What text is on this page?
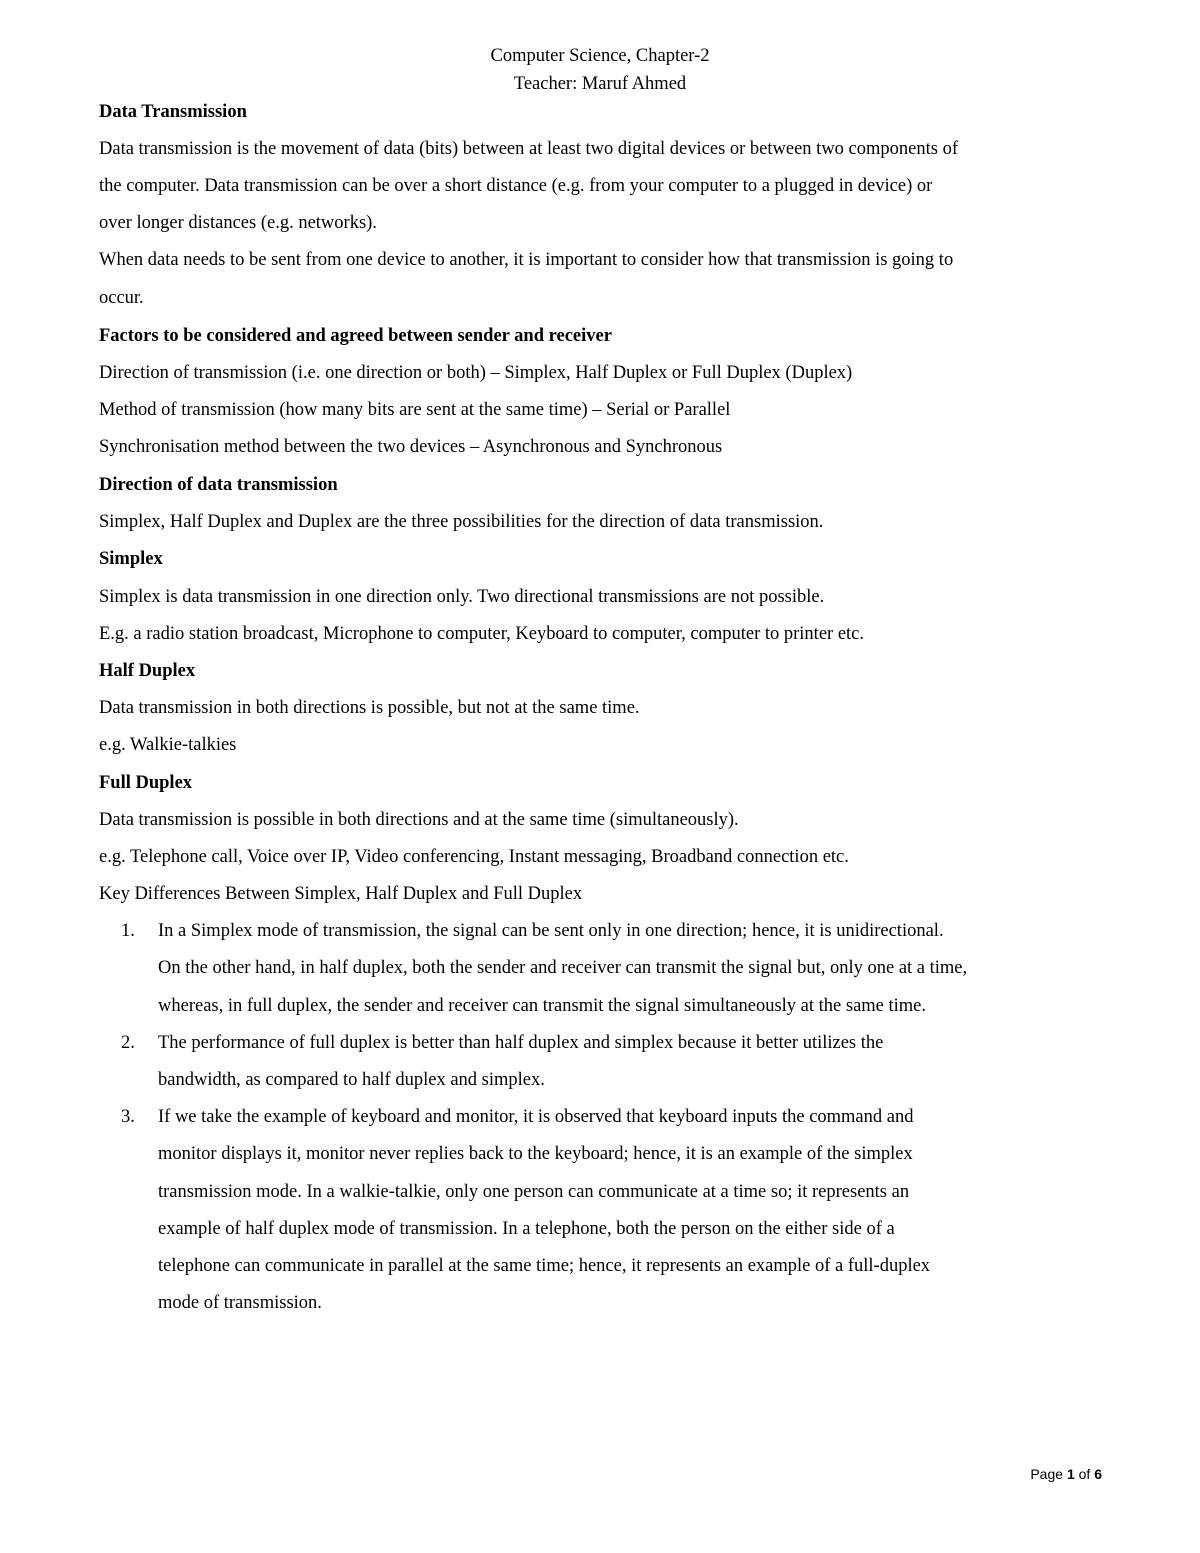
Computer Science, Chapter-2
Teacher: Maruf Ahmed
Data Transmission
Data transmission is the movement of data (bits) between at least two digital devices or between two components of
the computer. Data transmission can be over a short distance (e.g. from your computer to a plugged in device) or
over longer distances (e.g. networks).
When data needs to be sent from one device to another, it is important to consider how that transmission is going to
occur.
Factors to be considered and agreed between sender and receiver
Direction of transmission (i.e. one direction or both) – Simplex, Half Duplex or Full Duplex (Duplex)
Method of transmission (how many bits are sent at the same time) – Serial or Parallel
Synchronisation method between the two devices – Asynchronous and Synchronous
Direction of data transmission
Simplex, Half Duplex and Duplex are the three possibilities for the direction of data transmission.
Simplex
Simplex is data transmission in one direction only. Two directional transmissions are not possible.
E.g. a radio station broadcast, Microphone to computer, Keyboard to computer, computer to printer etc.
Half Duplex
Data transmission in both directions is possible, but not at the same time.
e.g. Walkie-talkies
Full Duplex
Data transmission is possible in both directions and at the same time (simultaneously).
e.g. Telephone call, Voice over IP, Video conferencing, Instant messaging, Broadband connection etc.
Key Differences Between Simplex, Half Duplex and Full Duplex
1. In a Simplex mode of transmission, the signal can be sent only in one direction; hence, it is unidirectional.
On the other hand, in half duplex, both the sender and receiver can transmit the signal but, only one at a time,
whereas, in full duplex, the sender and receiver can transmit the signal simultaneously at the same time.
2. The performance of full duplex is better than half duplex and simplex because it better utilizes the
bandwidth, as compared to half duplex and simplex.
3. If we take the example of keyboard and monitor, it is observed that keyboard inputs the command and
monitor displays it, monitor never replies back to the keyboard; hence, it is an example of the simplex
transmission mode. In a walkie-talkie, only one person can communicate at a time so; it represents an
example of half duplex mode of transmission. In a telephone, both the person on the either side of a
telephone can communicate in parallel at the same time; hence, it represents an example of a full-duplex
mode of transmission.
Page 1 of 6
